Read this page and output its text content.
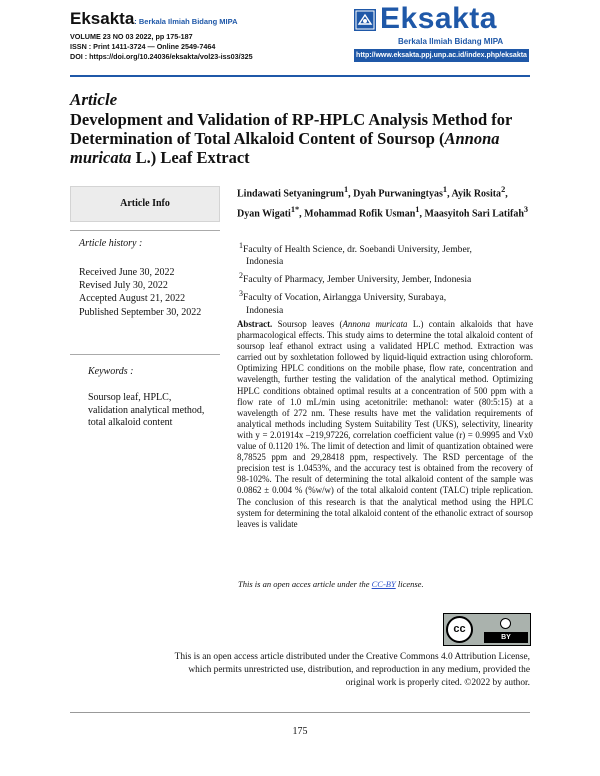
Eksakta: Berkala Ilmiah Bidang MIPA
VOLUME 23 NO 03 2022, pp 175-187
ISSN : Print 1411-3724 — Online 2549-7464
DOI : https://doi.org/10.24036/eksakta/vol23-iss03/325
Eksakta
Berkala Ilmiah Bidang MIPA
http://www.eksakta.ppj.unp.ac.id/index.php/eksakta
Article
Development and Validation of RP-HPLC Analysis Method for Determination of Total Alkaloid Content of Soursop (Annona muricata L.) Leaf Extract
Article Info
Article history :
Received June 30, 2022
Revised July 30, 2022
Accepted August 21, 2022
Published September 30, 2022
Keywords :
Soursop leaf, HPLC, validation analytical method, total alkaloid content
Lindawati Setyaningrum$^1$, Dyah Purwaningtyas$^1$, Ayik Rosita$^2$, Dyan Wigati$^{1*}$, Mohammad Rofik Usman$^1$, Maasyitoh Sari Latifah$^3$
$^1$Faculty of Health Science, dr. Soebandi University, Jember,
Indonesia
$^2$Faculty of Pharmacy, Jember University, Jember, Indonesia
$^3$Faculty of Vocation, Airlangga University, Surabaya,
Indonesia
Abstract. Soursop leaves (Annona muricata L.) contain alkaloids that have pharmacological effects. This study aims to determine the total alkaloid content of soursop leaf ethanol extract using a validated HPLC method. Extraction was carried out by soxhletation followed by liquid-liquid extraction using chloroform. Optimizing HPLC conditions on the mobile phase, flow rate, concentration and wavelength, further testing the validation of the analytical method. Optimizing HPLC conditions obtained optimal results at a concentration of 500 ppm with a flow rate of 1.0 mL/min using acetonitrile: methanol: water (80:5:15) at a wavelength of 272 nm. These results have met the validation requirements of analytical methods including System Suitability Test (UKS), selectivity, linearity with y = 2.01914x –219,97226, correlation coefficient value (r) = 0.9995 and Vx0 value of 0.1120 1%. The limit of detection and limit of quantization obtained were 8,78525 ppm and 29,28418 ppm, respectively. The RSD percentage of the precision test is 1.0453%, and the accuracy test is obtained from the recovery of 98-102%. The result of determining the total alkaloid content of the sample was 0.0862 ± 0.004 % (%w/w) of the total alkaloid content (TALC) triple replication. The conclusion of this research is that the analytical method using the HPLC system for determining the total alkaloid content of the ethanolic extract of soursop leaves is validate
This is an open acces article under the CC-BY license.
cc
BY
This is an open access article distributed under the Creative Commons 4.0 Attribution License,
which permits unrestricted use, distribution, and reproduction in any medium, provided the
original work is properly cited. ©2022 by author.
175
